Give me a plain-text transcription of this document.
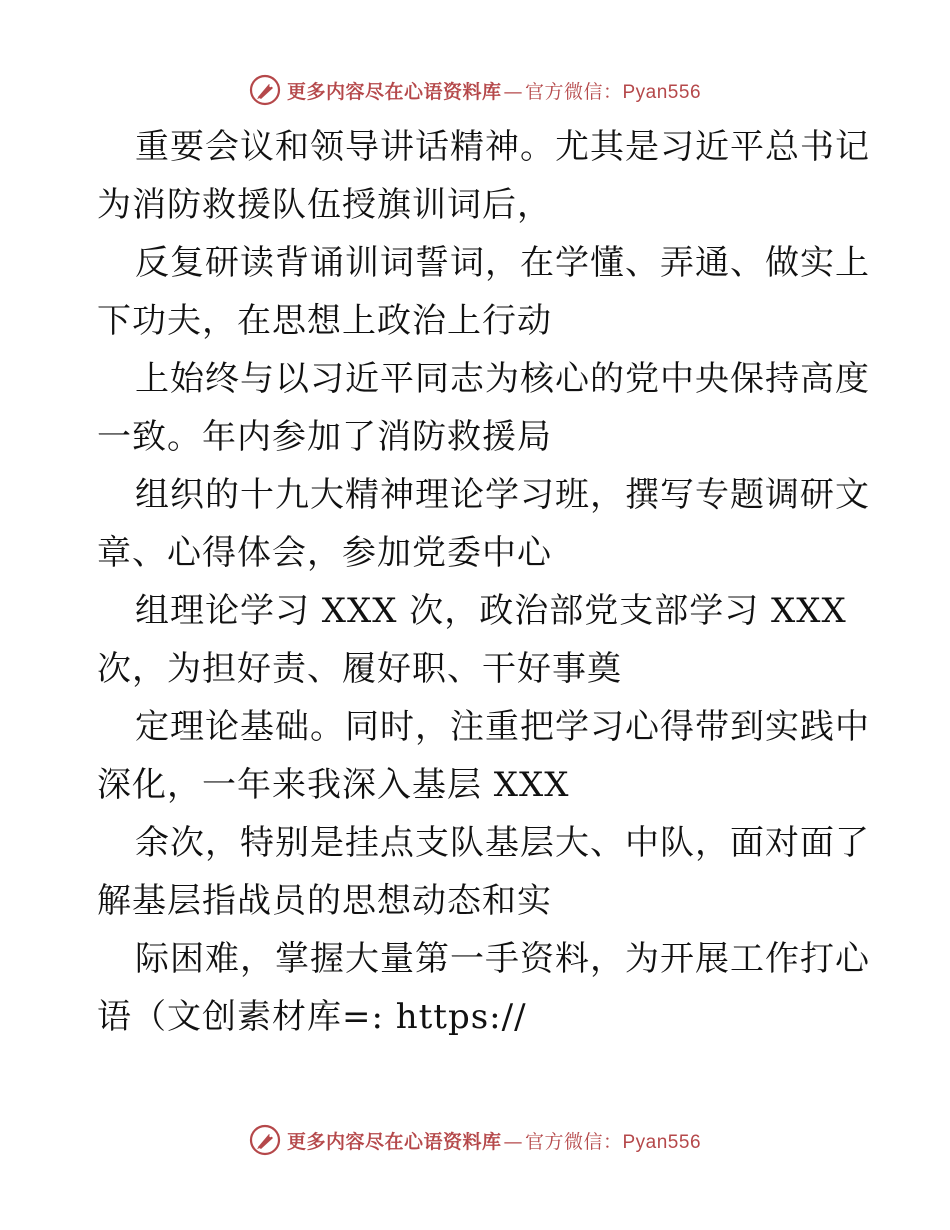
更多内容尽在心语资料库 — 官方微信：Pyan556
重要会议和领导讲话精神。尤其是习近平总书记
为消防救援队伍授旗训词后，
反复研读背诵训词誓词，在学懂、弄通、做实上
下功夫，在思想上政治上行动
上始终与以习近平同志为核心的党中央保持高度
一致。年内参加了消防救援局
组织的十九大精神理论学习班，撰写专题调研文
章、心得体会，参加党委中心
组理论学习 XXX 次，政治部党支部学习 XXX
次，为担好责、履好职、干好事奠
定理论基础。同时，注重把学习心得带到实践中
深化，一年来我深入基层 XXX
余次，特别是挂点支队基层大、中队，面对面了
解基层指战员的思想动态和实
际困难，掌握大量第一手资料，为开展工作打心
语（文创素材库=: https://
更多内容尽在心语资料库 — 官方微信：Pyan556
